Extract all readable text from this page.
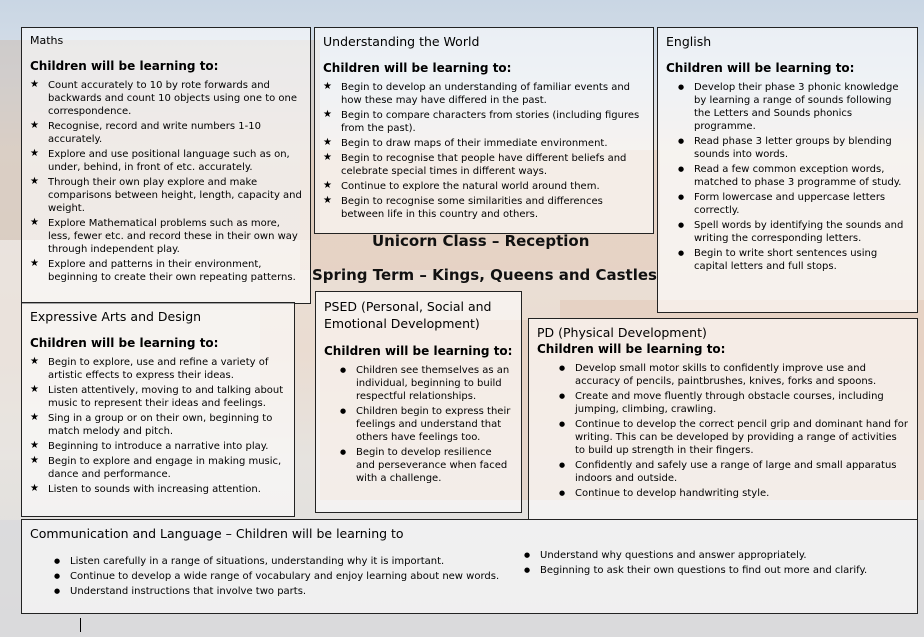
Maths
Children will be learning to:
★ Count accurately to 10 by rote forwards and backwards and count 10 objects using one to one correspondence.
★ Recognise, record and write numbers 1-10 accurately.
★ Explore and use positional language such as on, under, behind, in front of etc. accurately.
★ Through their own play explore and make comparisons between height, length, capacity and weight.
★ Explore Mathematical problems such as more, less, fewer etc. and record these in their own way through independent play.
★ Explore and patterns in their environment, beginning to create their own repeating patterns.
Understanding the World
Children will be learning to:
★ Begin to develop an understanding of familiar events and how these may have differed in the past.
★ Begin to compare characters from stories (including figures from the past).
★ Begin to draw maps of their immediate environment.
★ Begin to recognise that people have different beliefs and celebrate special times in different ways.
★ Continue to explore the natural world around them.
★ Begin to recognise some similarities and differences between life in this country and others.
English
Children will be learning to:
● Develop their phase 3 phonic knowledge by learning a range of sounds following the Letters and Sounds phonics programme.
● Read phase 3 letter groups by blending sounds into words.
● Read a few common exception words, matched to phase 3 programme of study.
● Form lowercase and uppercase letters correctly.
● Spell words by identifying the sounds and writing the corresponding letters.
● Begin to write short sentences using capital letters and full stops.
Unicorn Class – Reception
Spring Term – Kings, Queens and Castles
Expressive Arts and Design
Children will be learning to:
★ Begin to explore, use and refine a variety of artistic effects to express their ideas.
★ Listen attentively, moving to and talking about music to represent their ideas and feelings.
★ Sing in a group or on their own, beginning to match melody and pitch.
★ Beginning to introduce a narrative into play.
★ Begin to explore and engage in making music, dance and performance.
★ Listen to sounds with increasing attention.
PSED (Personal, Social and Emotional Development)
Children will be learning to:
● Children see themselves as an individual, beginning to build respectful relationships.
● Children begin to express their feelings and understand that others have feelings too.
● Begin to develop resilience and perseverance when faced with a challenge.
PD (Physical Development)
Children will be learning to:
● Develop small motor skills to confidently improve use and accuracy of pencils, paintbrushes, knives, forks and spoons.
● Create and move fluently through obstacle courses, including jumping, climbing, crawling.
● Continue to develop the correct pencil grip and dominant hand for writing. This can be developed by providing a range of activities to build up strength in their fingers.
● Confidently and safely use a range of large and small apparatus indoors and outside.
● Continue to develop handwriting style.
Communication and Language – Children will be learning to
● Listen carefully in a range of situations, understanding why it is important.
● Continue to develop a wide range of vocabulary and enjoy learning about new words.
● Understand instructions that involve two parts.
● Understand why questions and answer appropriately.
● Beginning to ask their own questions to find out more and clarify.
